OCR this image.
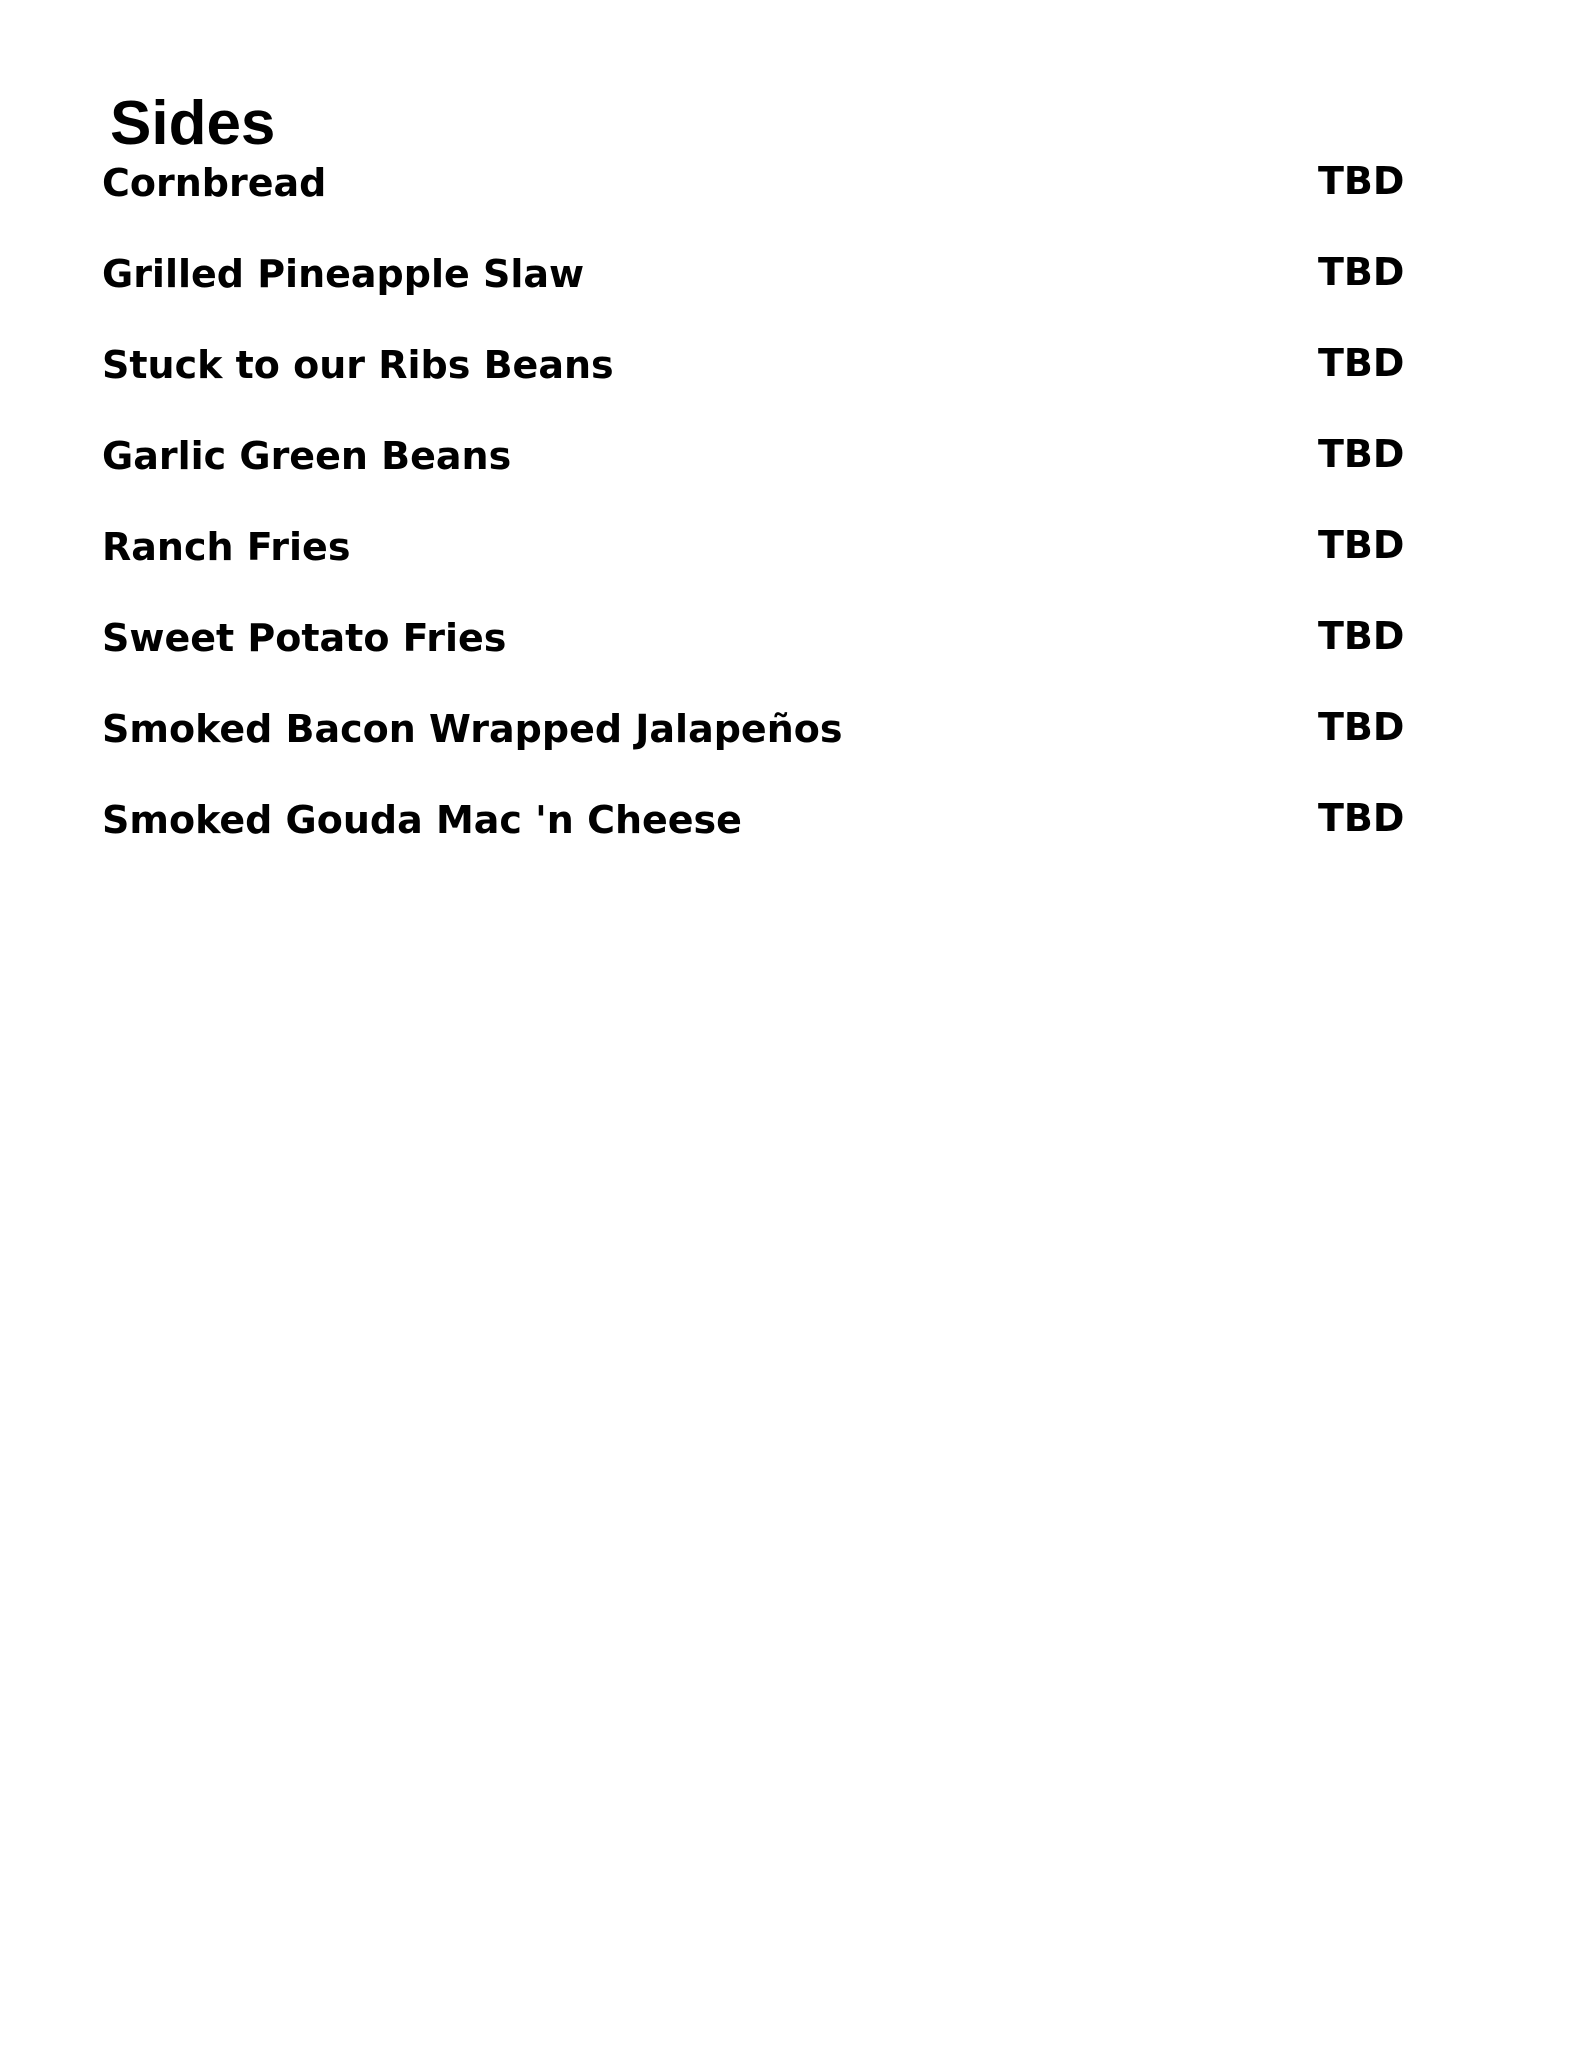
Sides
Cornbread	TBD
Grilled Pineapple Slaw	TBD
Stuck to our Ribs Beans	TBD
Garlic Green Beans	TBD
Ranch Fries	TBD
Sweet Potato Fries	TBD
Smoked Bacon Wrapped Jalapeños	TBD
Smoked Gouda Mac 'n Cheese	TBD
